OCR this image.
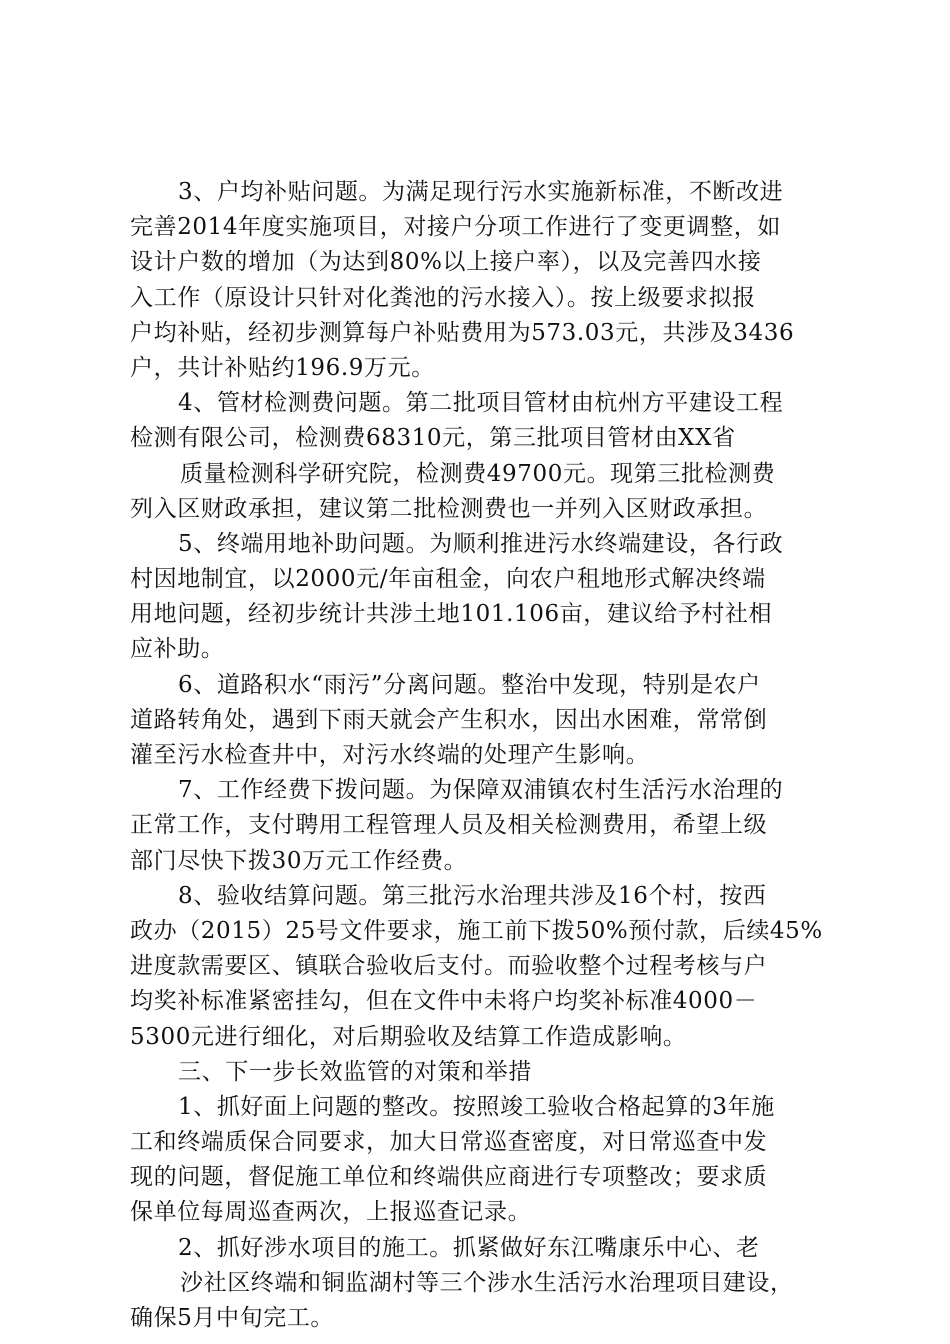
3、户均补贴问题。为满足现行污水实施新标准，不断改进
完善2014年度实施项目，对接户分项工作进行了变更调整，如
设计户数的增加（为达到80%以上接户率），以及完善四水接
入工作（原设计只针对化粪池的污水接入）。按上级要求拟报
户均补贴，经初步测算每户补贴费用为573.03元，共涉及3436
户，共计补贴约196.9万元。
4、管材检测费问题。第二批项目管材由杭州方平建设工程
检测有限公司，检测费68310元，第三批项目管材由XX省
质量检测科学研究院，检测费49700元。现第三批检测费
列入区财政承担，建议第二批检测费也一并列入区财政承担。
5、终端用地补助问题。为顺利推进污水终端建设，各行政
村因地制宜，以2000元/年亩租金，向农户租地形式解决终端
用地问题，经初步统计共涉土地101.106亩，建议给予村社相
应补助。
6、道路积水“雨污”分离问题。整治中发现，特别是农户
道路转角处，遇到下雨天就会产生积水，因出水困难，常常倒
灌至污水检查井中，对污水终端的处理产生影响。
7、工作经费下拨问题。为保障双浦镇农村生活污水治理的
正常工作，支付聘用工程管理人员及相关检测费用，希望上级
部门尽快下拨30万元工作经费。
8、验收结算问题。第三批污水治理共涉及16个村，按西
政办（2015）25号文件要求，施工前下拨50%预付款，后续45%
进度款需要区、镇联合验收后支付。而验收整个过程考核与户
均奖补标准紧密挂勾，但在文件中未将户均奖补标准4000－
5300元进行细化，对后期验收及结算工作造成影响。
三、下一步长效监管的对策和举措
1、抓好面上问题的整改。按照竣工验收合格起算的3年施
工和终端质保合同要求，加大日常巡查密度，对日常巡查中发
现的问题，督促施工单位和终端供应商进行专项整改；要求质
保单位每周巡查两次，上报巡查记录。
2、抓好涉水项目的施工。抓紧做好东江嘴康乐中心、老
沙社区终端和铜监湖村等三个涉水生活污水治理项目建设，
确保5月中旬完工。
